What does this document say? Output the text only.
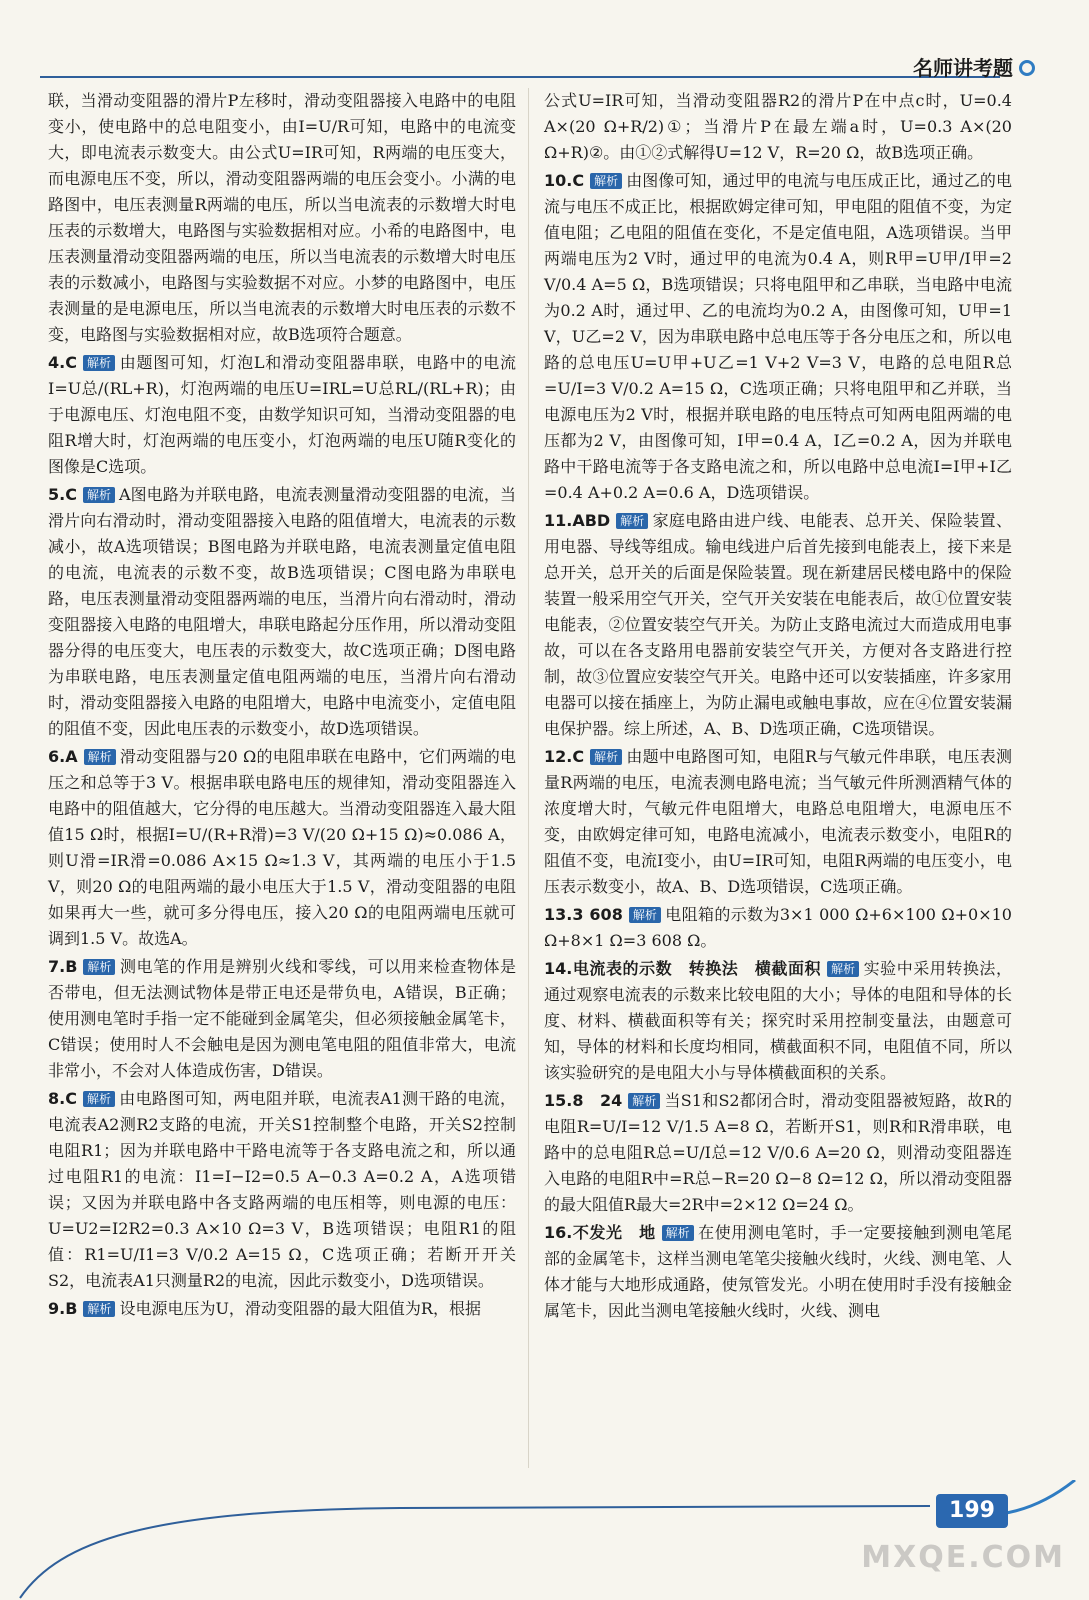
名师讲考题

联，当滑动变阻器的滑片P左移时，滑动变阻器接入电路中的电阻变小，使电路中的总电阻变小，由I=U/R可知，电路中的电流变大，即电流表示数变大。由公式U=IR可知，R两端的电压变大，而电源电压不变，所以，滑动变阻器两端的电压会变小。小满的电路图中，电压表测量R两端的电压，所以当电流表的示数增大时电压表的示数增大，电路图与实验数据相对应。小希的电路图中，电压表测量滑动变阻器两端的电压，所以当电流表的示数增大时电压表的示数减小，电路图与实验数据不对应。小梦的电路图中，电压表测量的是电源电压，所以当电流表的示数增大时电压表的示数不变，电路图与实验数据相对应，故B选项符合题意。

4.C 解析 由题图可知，灯泡L和滑动变阻器串联，电路中的电流I=U总/(RL+R)，灯泡两端的电压U=IRL=U总RL/(RL+R)；由于电源电压、灯泡电阻不变，由数学知识可知，当滑动变阻器的电阻R增大时，灯泡两端的电压变小，灯泡两端的电压U随R变化的图像是C选项。

5.C 解析 A图电路为并联电路，电流表测量滑动变阻器的电流，当滑片向右滑动时，滑动变阻器接入电路的阻值增大，电流表的示数减小，故A选项错误；B图电路为并联电路，电流表测量定值电阻的电流，电流表的示数不变，故B选项错误；C图电路为串联电路，电压表测量滑动变阻器两端的电压，当滑片向右滑动时，滑动变阻器接入电路的电阻增大，串联电路起分压作用，所以滑动变阻器分得的电压变大，电压表的示数变大，故C选项正确；D图电路为串联电路，电压表测量定值电阻两端的电压，当滑片向右滑动时，滑动变阻器接入电路的电阻增大，电路中电流变小，定值电阻的阻值不变，因此电压表的示数变小，故D选项错误。

6.A 解析 滑动变阻器与20 Ω的电阻串联在电路中，它们两端的电压之和总等于3 V。根据串联电路电压的规律知，滑动变阻器连入电路中的阻值越大，它分得的电压越大。当滑动变阻器连入最大阻值15 Ω时，根据I=U/(R+R滑)=3 V/(20 Ω+15 Ω)≈0.086 A，则U滑=IR滑=0.086 A×15 Ω≈1.3 V，其两端的电压小于1.5 V，则20 Ω的电阻两端的最小电压大于1.5 V，滑动变阻器的电阻如果再大一些，就可多分得电压，接入20 Ω的电阻两端电压就可调到1.5 V。故选A。

7.B 解析 测电笔的作用是辨别火线和零线，可以用来检查物体是否带电，但无法测试物体是带正电还是带负电，A错误，B正确；使用测电笔时手指一定不能碰到金属笔尖，但必须接触金属笔卡，C错误；使用时人不会触电是因为测电笔电阻的阻值非常大，电流非常小，不会对人体造成伤害，D错误。

8.C 解析 由电路图可知，两电阻并联，电流表A1测干路的电流，电流表A2测R2支路的电流，开关S1控制整个电路，开关S2控制电阻R1；因为并联电路中干路电流等于各支路电流之和，所以通过电阻R1的电流：I1=I−I2=0.5 A−0.3 A=0.2 A，A选项错误；又因为并联电路中各支路两端的电压相等，则电源的电压：U=U2=I2R2=0.3 A×10 Ω=3 V，B选项错误；电阻R1的阻值：R1=U/I1=3 V/0.2 A=15 Ω，C选项正确；若断开开关S2，电流表A1只测量R2的电流，因此示数变小，D选项错误。

9.B 解析 设电源电压为U，滑动变阻器的最大阻值为R，根据

公式U=IR可知，当滑动变阻器R2的滑片P在中点c时，U=0.4 A×(20 Ω+R/2)①；当滑片P在最左端a时，U=0.3 A×(20 Ω+R)②。由①②式解得U=12 V，R=20 Ω，故B选项正确。

10.C 解析 由图像可知，通过甲的电流与电压成正比，通过乙的电流与电压不成正比，根据欧姆定律可知，甲电阻的阻值不变，为定值电阻；乙电阻的阻值在变化，不是定值电阻，A选项错误。当甲两端电压为2 V时，通过甲的电流为0.4 A，则R甲=U甲/I甲=2 V/0.4 A=5 Ω，B选项错误；只将电阻甲和乙串联，当电路中电流为0.2 A时，通过甲、乙的电流均为0.2 A，由图像可知，U甲=1 V，U乙=2 V，因为串联电路中总电压等于各分电压之和，所以电路的总电压U=U甲+U乙=1 V+2 V=3 V，电路的总电阻R总=U/I=3 V/0.2 A=15 Ω，C选项正确；只将电阻甲和乙并联，当电源电压为2 V时，根据并联电路的电压特点可知两电阻两端的电压都为2 V，由图像可知，I甲=0.4 A，I乙=0.2 A，因为并联电路中干路电流等于各支路电流之和，所以电路中总电流I=I甲+I乙=0.4 A+0.2 A=0.6 A，D选项错误。

11.ABD 解析 家庭电路由进户线、电能表、总开关、保险装置、用电器、导线等组成。输电线进户后首先接到电能表上，接下来是总开关，总开关的后面是保险装置。现在新建居民楼电路中的保险装置一般采用空气开关，空气开关安装在电能表后，故①位置安装电能表，②位置安装空气开关。为防止支路电流过大而造成用电事故，可以在各支路用电器前安装空气开关，方便对各支路进行控制，故③位置应安装空气开关。电路中还可以安装插座，许多家用电器可以接在插座上，为防止漏电或触电事故，应在④位置安装漏电保护器。综上所述，A、B、D选项正确，C选项错误。

12.C 解析 由题中电路图可知，电阻R与气敏元件串联，电压表测量R两端的电压，电流表测电路电流；当气敏元件所测酒精气体的浓度增大时，气敏元件电阻增大，电路总电阻增大，电源电压不变，由欧姆定律可知，电路电流减小，电流表示数变小，电阻R的阻值不变，电流I变小，由U=IR可知，电阻R两端的电压变小，电压表示数变小，故A、B、D选项错误，C选项正确。

13.3 608 解析 电阻箱的示数为3×1 000 Ω+6×100 Ω+0×10 Ω+8×1 Ω=3 608 Ω。

14.电流表的示数　转换法　横截面积 解析 实验中采用转换法，通过观察电流表的示数来比较电阻的大小；导体的电阻和导体的长度、材料、横截面积等有关；探究时采用控制变量法，由题意可知，导体的材料和长度均相同，横截面积不同，电阻值不同，所以该实验研究的是电阻大小与导体横截面积的关系。

15.8　24 解析 当S1和S2都闭合时，滑动变阻器被短路，故R的电阻R=U/I=12 V/1.5 A=8 Ω，若断开S1，则R和R滑串联，电路中的总电阻R总=U/I总=12 V/0.6 A=20 Ω，则滑动变阻器连入电路的电阻R中=R总−R=20 Ω−8 Ω=12 Ω，所以滑动变阻器的最大阻值R最大=2R中=2×12 Ω=24 Ω。

16.不发光　地 解析 在使用测电笔时，手一定要接触到测电笔尾部的金属笔卡，这样当测电笔笔尖接触火线时，火线、测电笔、人体才能与大地形成通路，使氖管发光。小明在使用时手没有接触金属笔卡，因此当测电笔接触火线时，火线、测电

199
MXQE.COM
